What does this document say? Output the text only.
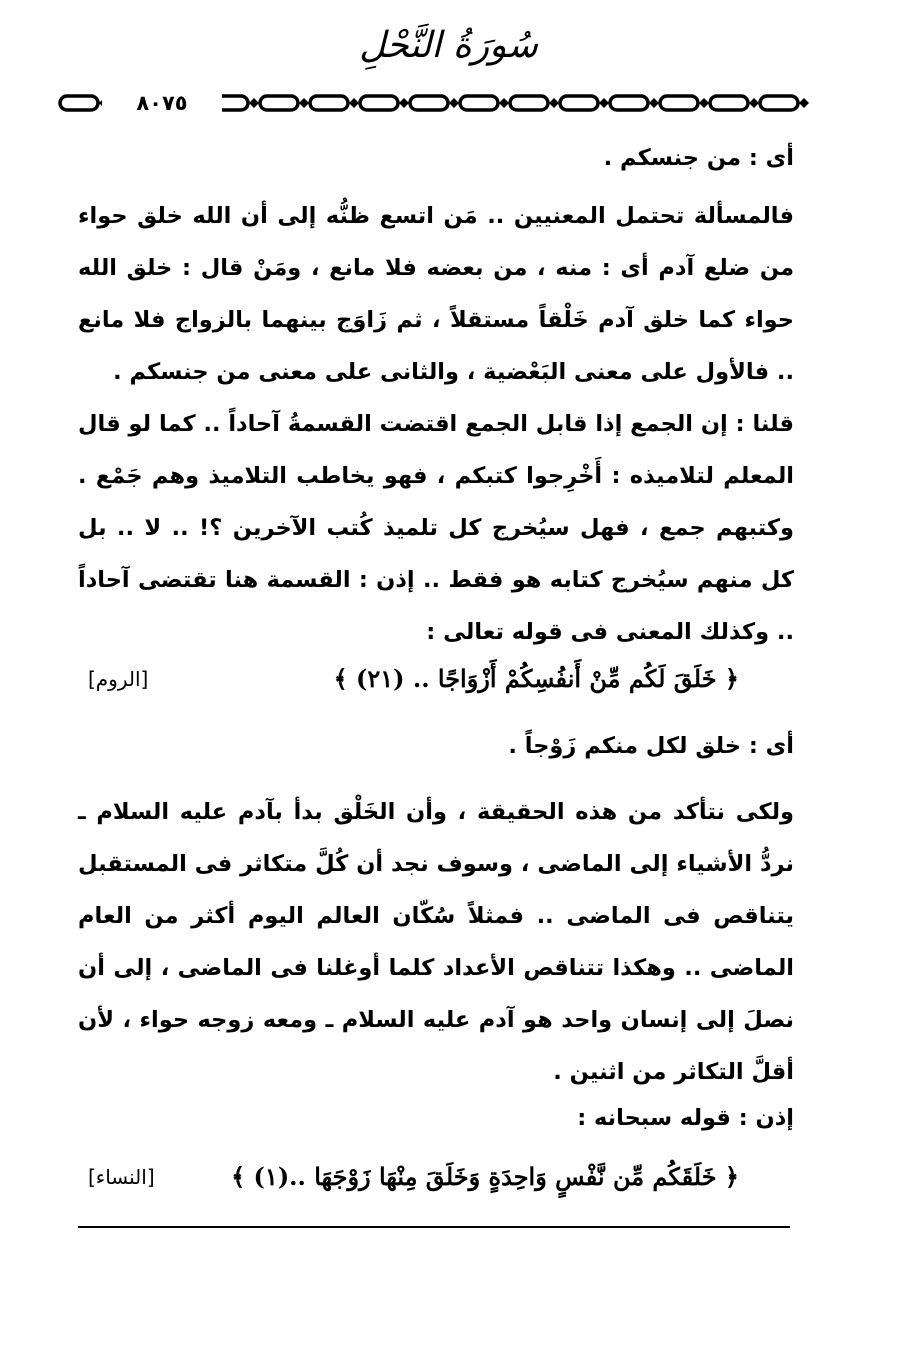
سُورَةُ النَّحْلِ
٨٠٧٥
أى : من جنسكم .
فالمسألة تحتمل المعنيين .. مَن اتسع ظنُّه إلى أن الله خلق حواء من ضلع آدم أى : منه ، من بعضه فلا مانع ، ومَنْ قال : خلق الله حواء كما خلق آدم خَلْقاً مستقلاً ، ثم زَاوَج بينهما بالزواج فلا مانع .. فالأول على معنى البَعْضية ، والثانى على معنى من جنسكم .
قلنا : إن الجمع إذا قابل الجمع اقتضت القسمةُ آحاداً .. كما لو قال المعلم لتلاميذه : أَخْرِجوا كتبكم ، فهو يخاطب التلاميذ وهم جَمْع . وكتبهم جمع ، فهل سيُخرج كل تلميذ كُتب الآخرين ؟! .. لا .. بل كل منهم سيُخرج كتابه هو فقط .. إذن : القسمة هنا تقتضى آحاداً .. وكذلك المعنى فى قوله تعالى :
﴿ خَلَقَ لَكُم مِّنْ أَنفُسِكُمْ أَزْوَاجًا .. (٢١) ﴾
[الروم]
أى : خلق لكل منكم زَوْجاً .
ولكى نتأكد من هذه الحقيقة ، وأن الخَلْق بدأ بآدم عليه السلام ـ نردُّ الأشياء إلى الماضى ، وسوف نجد أن كُلَّ متكاثر فى المستقبل يتناقص فى الماضى .. فمثلاً سُكّان العالم اليوم أكثر من العام الماضى .. وهكذا تتناقص الأعداد كلما أوغلنا فى الماضى ، إلى أن نصلَ إلى إنسان واحد هو آدم عليه السلام ـ ومعه زوجه حواء ، لأن أقلَّ التكاثر من اثنين .
إذن : قوله سبحانه :
﴿ خَلَقَكُم مِّن نَّفْسٍ وَاحِدَةٍ وَخَلَقَ مِنْهَا زَوْجَهَا ..(١) ﴾
[النساء]
